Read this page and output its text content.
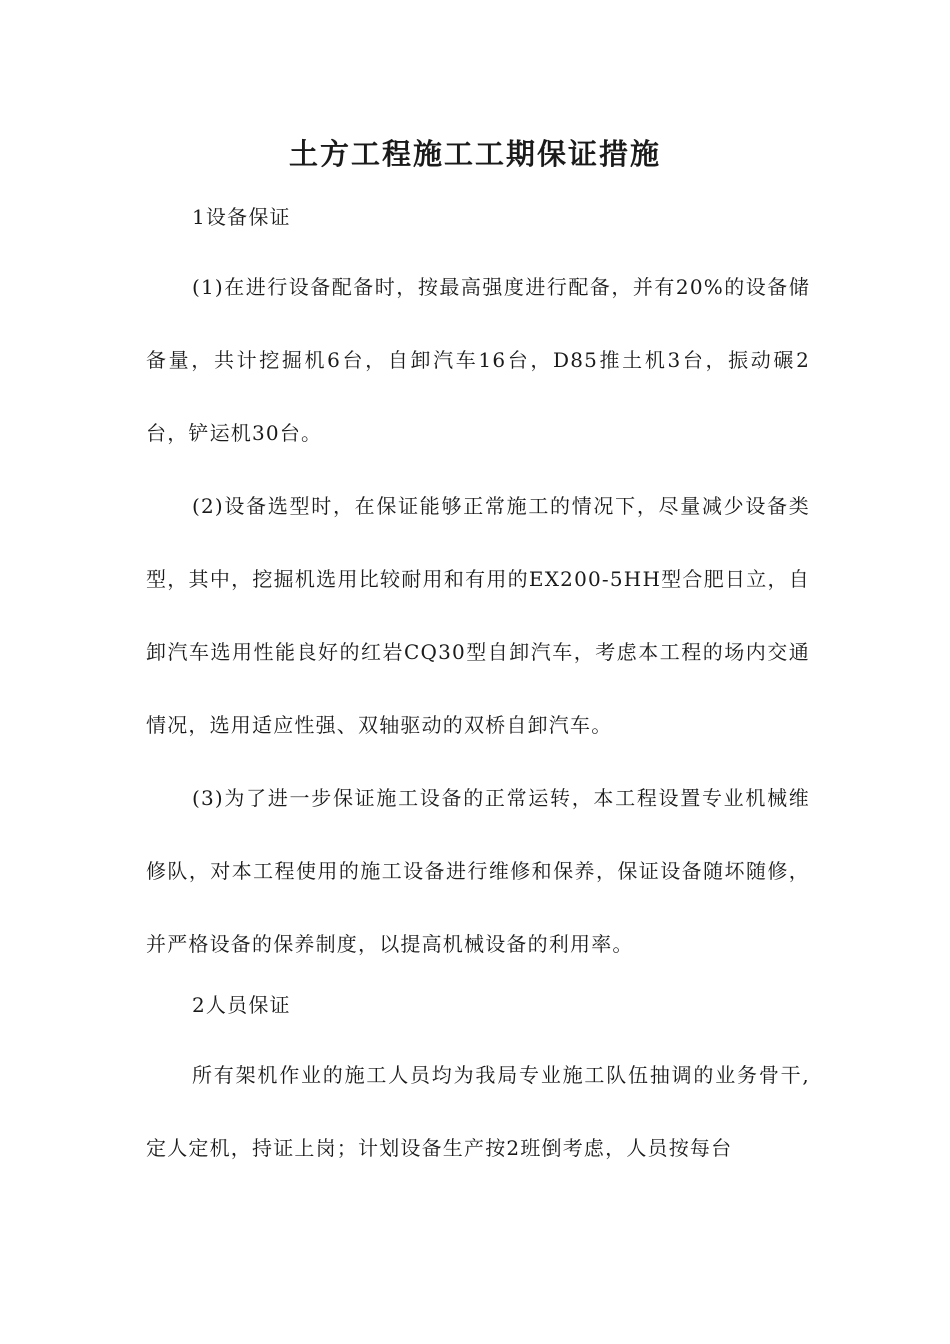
土方工程施工工期保证措施

1设备保证

(1)在进行设备配备时，按最高强度进行配备，并有20%的设备储备量，共计挖掘机6台，自卸汽车16台，D85推土机3台，振动碾2台，铲运机30台。

(2)设备选型时，在保证能够正常施工的情况下，尽量减少设备类型，其中，挖掘机选用比较耐用和有用的EX200-5HH型合肥日立，自卸汽车选用性能良好的红岩CQ30型自卸汽车，考虑本工程的场内交通情况，选用适应性强、双轴驱动的双桥自卸汽车。

(3)为了进一步保证施工设备的正常运转，本工程设置专业机械维修队，对本工程使用的施工设备进行维修和保养，保证设备随坏随修，并严格设备的保养制度，以提高机械设备的利用率。

2人员保证

所有架机作业的施工人员均为我局专业施工队伍抽调的业务骨干,定人定机，持证上岗；计划设备生产按2班倒考虑，人员按每台
